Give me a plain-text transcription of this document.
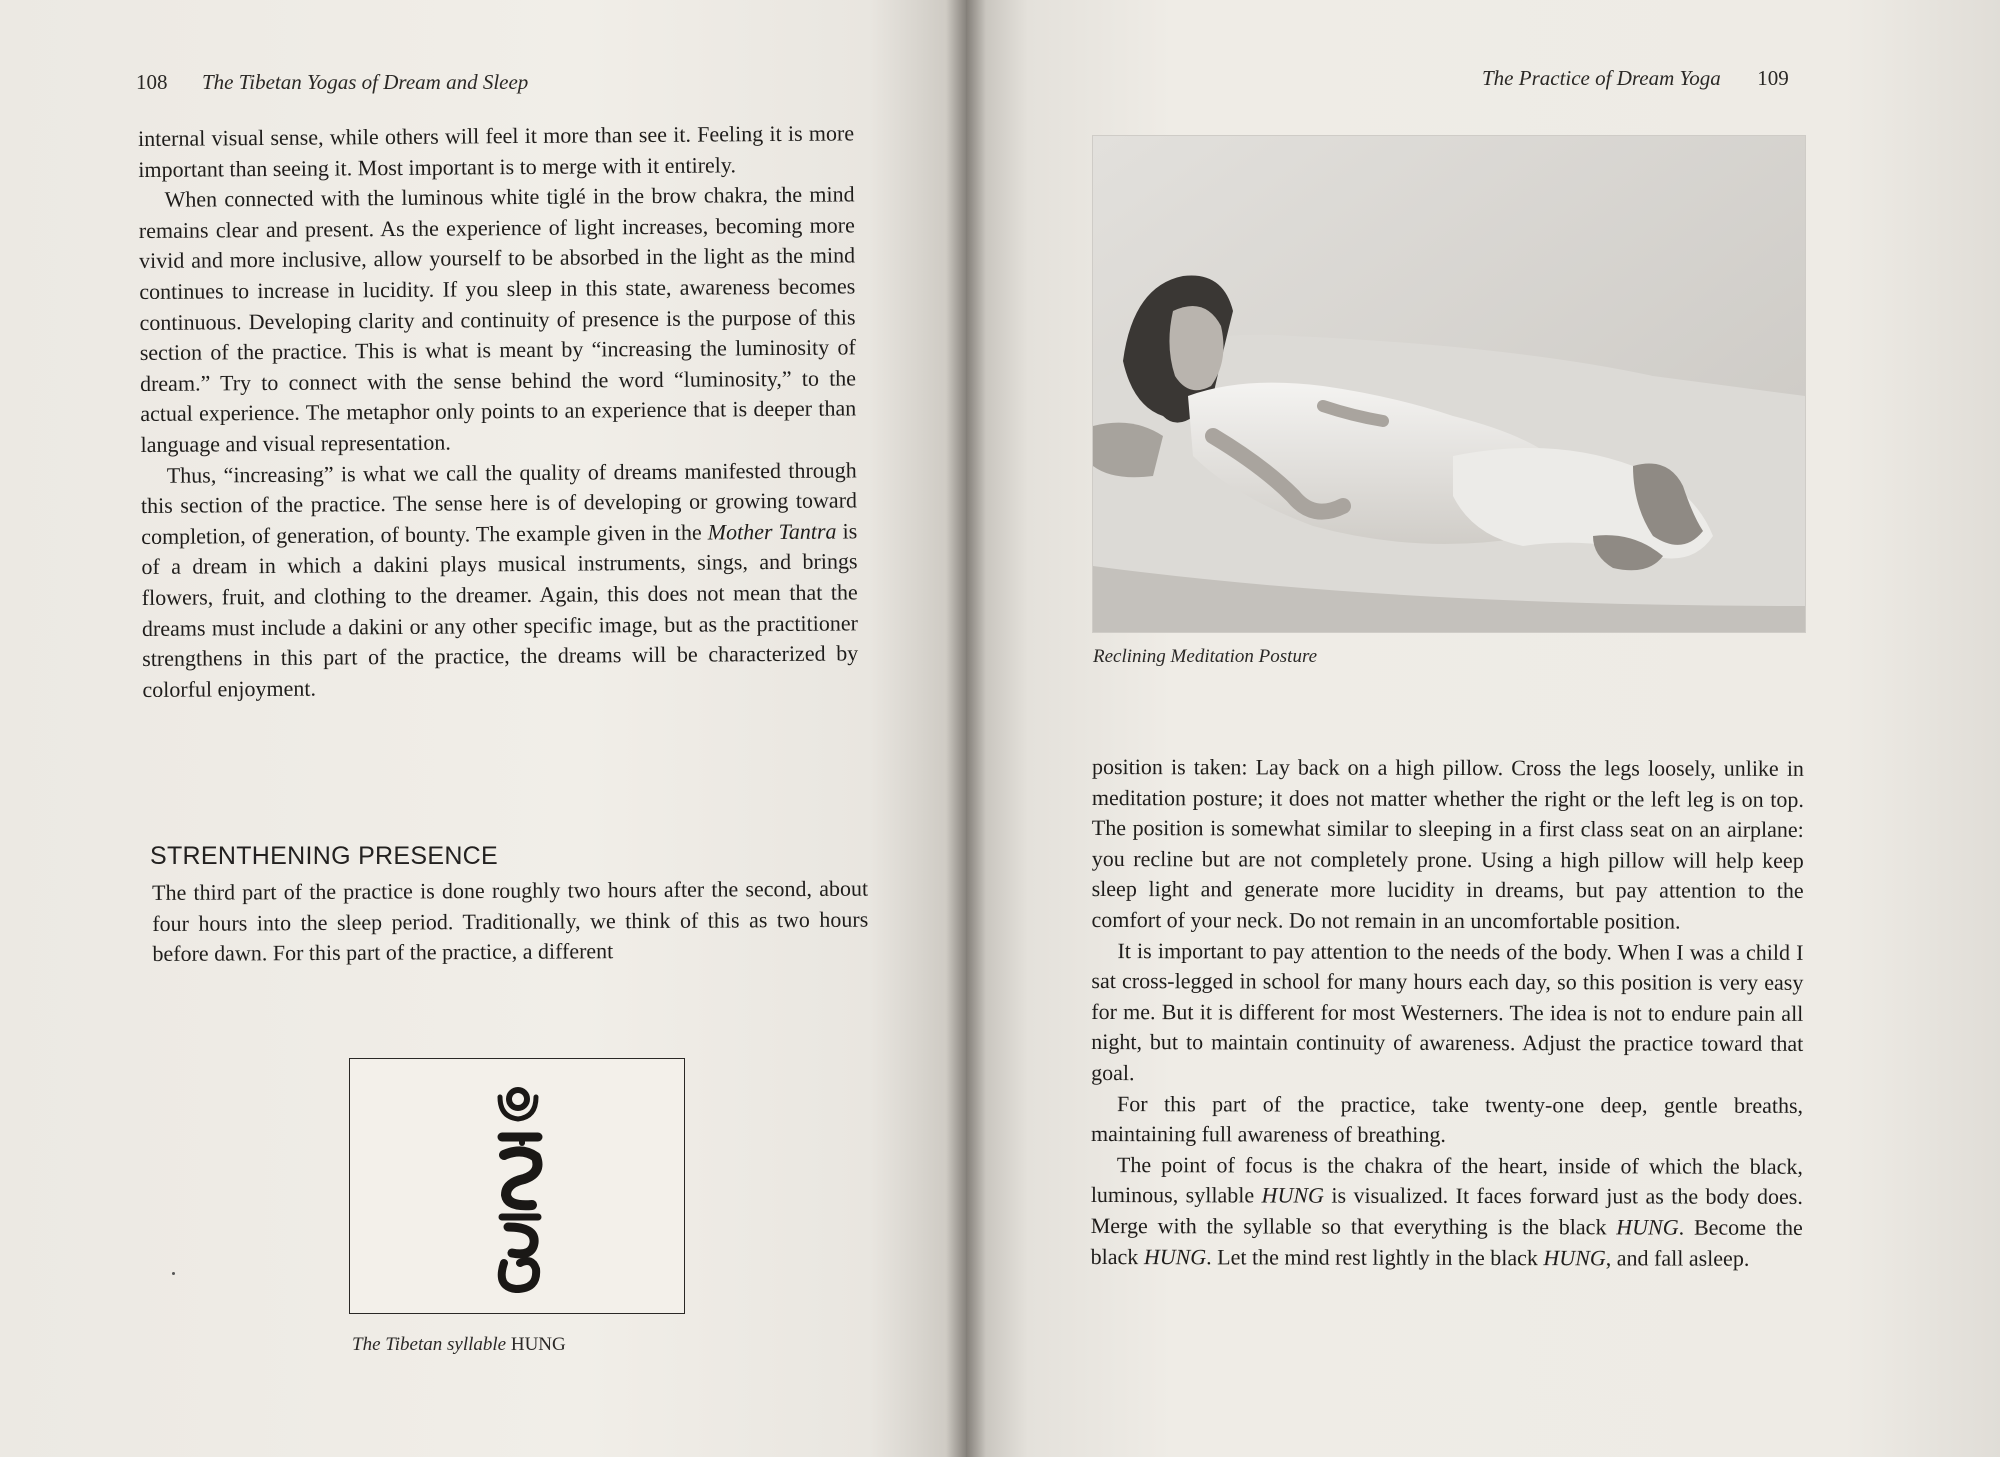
108 The Tibetan Yogas of Dream and Sleep

internal visual sense, while others will feel it more than see it. Feeling it is more important than seeing it. Most important is to merge with it entirely.

When connected with the luminous white tiglé in the brow chakra, the mind remains clear and present. As the experience of light increases, becoming more vivid and more inclusive, allow yourself to be absorbed in the light as the mind continues to increase in lucidity. If you sleep in this state, awareness becomes continuous. Developing clarity and continuity of presence is the purpose of this section of the practice. This is what is meant by “increasing the luminosity of dream.” Try to connect with the sense behind the word “luminosity,” to the actual experience. The metaphor only points to an experience that is deeper than language and visual representation.

Thus, “increasing” is what we call the quality of dreams manifested through this section of the practice. The sense here is of developing or growing toward completion, of generation, of bounty. The example given in the Mother Tantra is of a dream in which a dakini plays musical instruments, sings, and brings flowers, fruit, and clothing to the dreamer. Again, this does not mean that the dreams must include a dakini or any other specific image, but as the practitioner strengthens in this part of the practice, the dreams will be characterized by colorful enjoyment.

STRENTHENING PRESENCE

The third part of the practice is done roughly two hours after the second, about four hours into the sleep period. Traditionally, we think of this as two hours before dawn. For this part of the practice, a different

The Tibetan syllable HUNG
The Practice of Dream Yoga 109
Reclining Meditation Posture

position is taken: Lay back on a high pillow. Cross the legs loosely, unlike in meditation posture; it does not matter whether the right or the left leg is on top. The position is somewhat similar to sleeping in a first class seat on an airplane: you recline but are not completely prone. Using a high pillow will help keep sleep light and generate more lucidity in dreams, but pay attention to the comfort of your neck. Do not remain in an uncomfortable position.

It is important to pay attention to the needs of the body. When I was a child I sat cross-legged in school for many hours each day, so this position is very easy for me. But it is different for most Westerners. The idea is not to endure pain all night, but to maintain continuity of awareness. Adjust the practice toward that goal.

For this part of the practice, take twenty-one deep, gentle breaths, maintaining full awareness of breathing.

The point of focus is the chakra of the heart, inside of which the black, luminous, syllable HUNG is visualized. It faces forward just as the body does. Merge with the syllable so that everything is the black HUNG. Become the black HUNG. Let the mind rest lightly in the black HUNG, and fall asleep.
